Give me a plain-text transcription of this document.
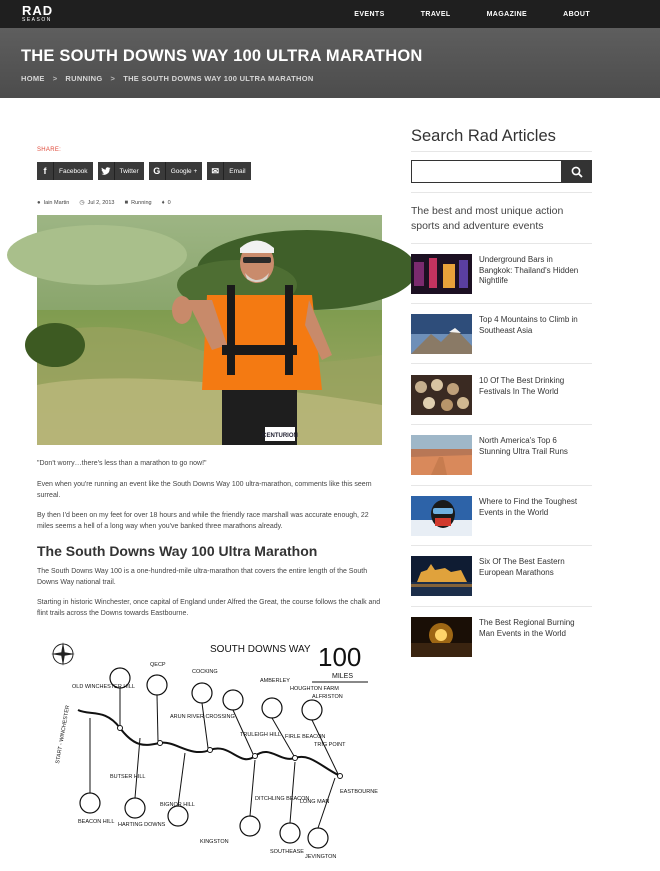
RAD
SEASON
EVENTS	TRAVEL	MAGAZINE	ABOUT
THE SOUTH DOWNS WAY 100 ULTRA MARATHON
HOME > RUNNING > THE SOUTH DOWNS WAY 100 ULTRA MARATHON
SHARE:
f	Facebook	Twitter	G	Google +	✉	Email
● Iain Martin ◷ Jul 2, 2013 ■ Running ♦ 0
CENTURION

"Don't worry…there's less than a marathon to go now!"

Even when you're running an event like the South Downs Way 100 ultra-marathon, comments like this seem surreal.

By then I'd been on my feet for over 18 hours and while the friendly race marshall was accurate enough, 22 miles seems a hell of a long way when you've banked three marathons already.

The South Downs Way 100 Ultra Marathon

The South Downs Way 100 is a one-hundred-mile ultra-marathon that covers the entire length of the South Downs Way national trail.

Starting in historic Winchester, once capital of England under Alfred the Great, the course follows the chalk and flint trails across the Downs towards Eastbourne.

SOUTH DOWNS WAY 100
MILES
OLD WINCHESTER HILL
QECP
COCKING
AMBERLEY
HOUGHTON FARM
ARUN RIVER CROSSING
TRULEIGH HILL FIRLE BEACON
ALFRISTON
EASTBOURNE
START - WINCHESTER
BUTSER HILL
BEACON HILL HARTING DOWNS
BIGNOR HILL
DITCHLING BEACON
LONG MAN
JEVINGTON
SOUTHEASE
TRIG POINT
KINGSTON
Search Rad Articles
The best and most unique action sports and adventure events
Underground Bars in Bangkok: Thailand's Hidden Nightlife
Top 4 Mountains to Climb in Southeast Asia
10 Of The Best Drinking Festivals In The World
North America's Top 6 Stunning Ultra Trail Runs
Where to Find the Toughest Events in the World
Six Of The Best Eastern European Marathons
The Best Regional Burning Man Events in the World
